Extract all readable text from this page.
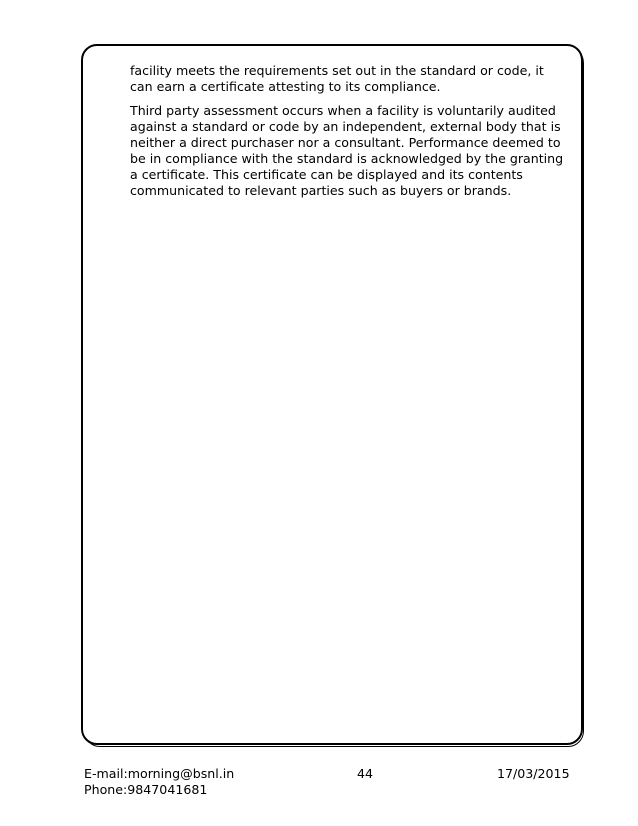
facility meets the requirements set out in the standard or code, it can earn a certificate attesting to its compliance.

Third party assessment occurs when a facility is voluntarily audited against a standard or code by an independent, external body that is neither a direct purchaser nor a consultant. Performance deemed to be in compliance with the standard is acknowledged by the granting a certificate. This certificate can be displayed and its contents communicated to relevant parties such as buyers or brands.

E-mail:morning@bsnl.in
Phone:9847041681
44	17/03/2015
